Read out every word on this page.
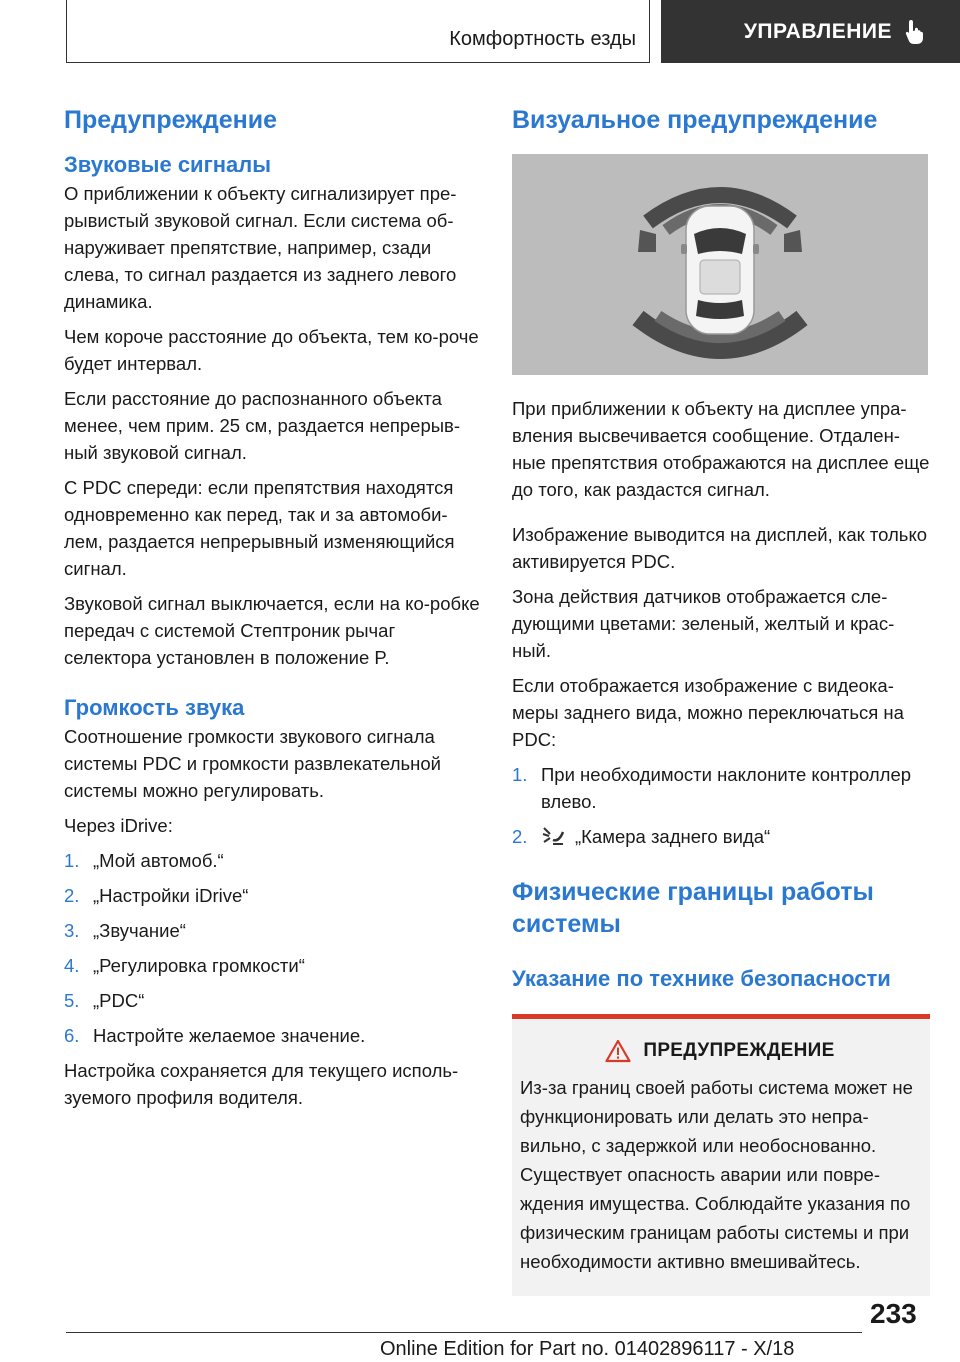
Комфортность езды	УПРАВЛЕНИЕ
Предупреждение
Звуковые сигналы

О приближении к объекту сигнализирует пре-рывистый звуковой сигнал. Если система об-наруживает препятствие, например, сзади слева, то сигнал раздается из заднего левого динамика.

Чем короче расстояние до объекта, тем ко-роче будет интервал.

Если расстояние до распознанного объекта менее, чем прим. 25 см, раздается непрерыв-ный звуковой сигнал.

С PDC спереди: если препятствия находятся одновременно как перед, так и за автомоби-лем, раздается непрерывный изменяющийся сигнал.

Звуковой сигнал выключается, если на ко-робке передач с системой Стептроник рычаг селектора установлен в положение P.

Громкость звука

Соотношение громкости звукового сигнала системы PDC и громкости развлекательной системы можно регулировать.

Через iDrive:

1. „Мой автомоб.“
2. „Настройки iDrive“
3. „Звучание“
4. „Регулировка громкости“
5. „PDC“
6. Настройте желаемое значение.

Настройка сохраняется для текущего исполь-зуемого профиля водителя.

Визуальное предупреждение

При приближении к объекту на дисплее упра-вления высвечивается сообщение. Отдален-ные препятствия отображаются на дисплее еще до того, как раздастся сигнал.

Изображение выводится на дисплей, как только активируется PDC.

Зона действия датчиков отображается сле-дующими цветами: зеленый, желтый и крас-ный.

Если отображается изображение с видеока-меры заднего вида, можно переключаться на PDC:

1. При необходимости наклоните контроллер влево.
2.	„Камера заднего вида“
Физические границы работы системы
Указание по технике безопасности
ПРЕДУПРЕЖДЕНИЕ

Из-за границ своей работы система может не функционировать или делать это непра-вильно, с задержкой или необоснованно. Существует опасность аварии или повре-ждения имущества. Соблюдайте указания по физическим границам работы системы и при необходимости активно вмешивайтесь.

233
Online Edition for Part no. 01402896117 - X/18
